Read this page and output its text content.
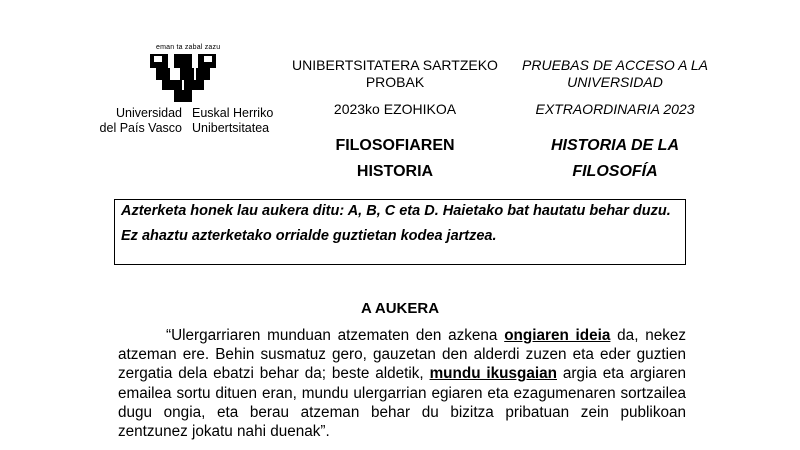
eman ta zabal zazu
Universidad
del País Vasco
Euskal Herriko
Unibertsitatea
UNIBERTSITATERA SARTZEKO
PROBAK
2023ko EZOHIKOA
FILOSOFIAREN
HISTORIA
PRUEBAS DE ACCESO A LA
UNIVERSIDAD
EXTRAORDINARIA 2023
HISTORIA DE LA
FILOSOFÍA

Azterketa honek lau aukera ditu: A, B, C eta D. Haietako bat hautatu behar duzu.

Ez ahaztu azterketako orrialde guztietan kodea jartzea.

A AUKERA

“Ulergarriaren munduan atzematen den azkena ongiaren ideia da, nekez atzeman ere. Behin susmatuz gero, gauzetan den alderdi zuzen eta eder guztien zergatia dela ebatzi behar da; beste aldetik, mundu ikusgaian argia eta argiaren emailea sortu dituen eran, mundu ulergarrian egiaren eta ezagumenaren sortzailea dugu ongia, eta berau atzeman behar du bizitza pribatuan zein publikoan zentzunez jokatu nahi duenak”.
